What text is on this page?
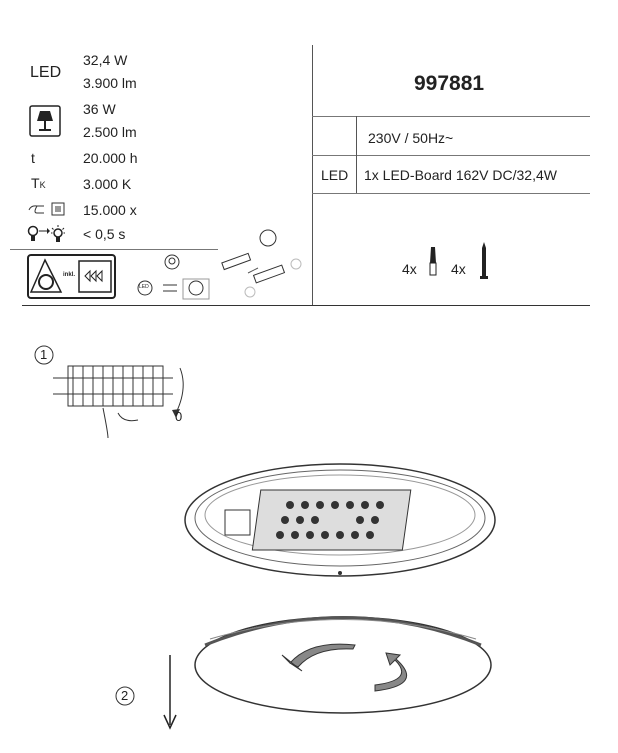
LED
32,4 W
3.900 lm
36 W
2.500 lm
t	20.000 h
TK	3.000 K
15.000 x
< 0,5 s
inkl.
LED
997881
230V / 50Hz~
LED 1x LED-Board 162V DC/32,4W
4x 4x
1
0
2
